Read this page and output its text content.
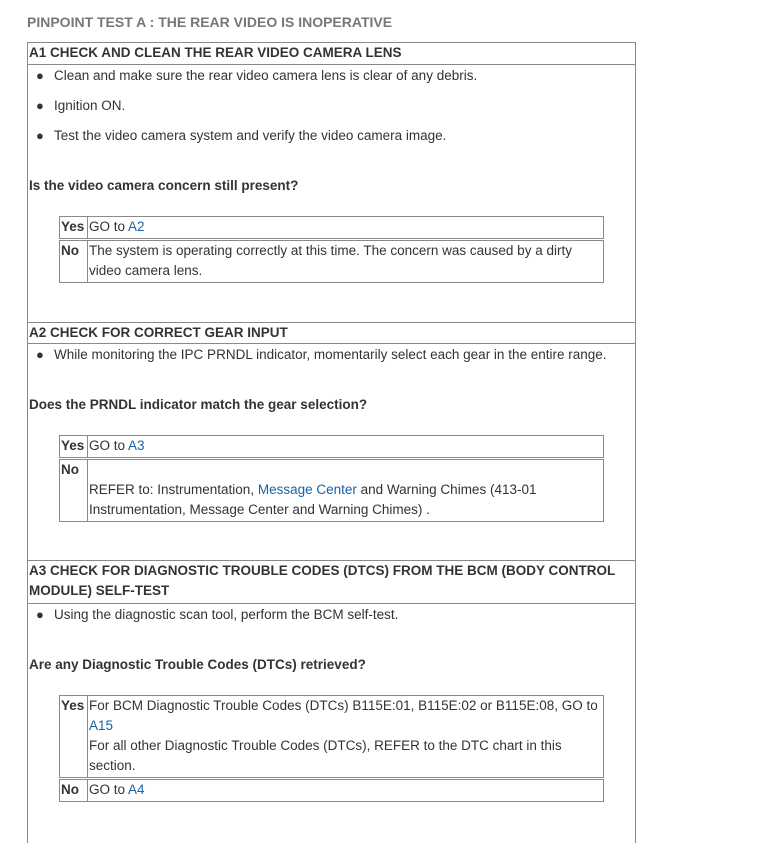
PINPOINT TEST A : THE REAR VIDEO IS INOPERATIVE
A1 CHECK AND CLEAN THE REAR VIDEO CAMERA LENS
● Clean and make sure the rear video camera lens is clear of any debris.
● Ignition ON.
● Test the video camera system and verify the video camera image.
Is the video camera concern still present?
Yes	GO to A2

No	The system is operating correctly at this time. The concern was caused by a dirty video camera lens.
A2 CHECK FOR CORRECT GEAR INPUT
● While monitoring the IPC PRNDL indicator, momentarily select each gear in the entire range.
Does the PRNDL indicator match the gear selection?
Yes	GO to A3

No	REFER to: Instrumentation, Message Center and Warning Chimes (413-01 Instrumentation, Message Center and Warning Chimes) .
A3 CHECK FOR DIAGNOSTIC TROUBLE CODES (DTCS) FROM THE BCM (BODY CONTROL MODULE) SELF-TEST
● Using the diagnostic scan tool, perform the BCM self-test.
Are any Diagnostic Trouble Codes (DTCs) retrieved?
Yes	For BCM Diagnostic Trouble Codes (DTCs) B115E:01, B115E:02 or B115E:08, GO to A15
For all other Diagnostic Trouble Codes (DTCs), REFER to the DTC chart in this section.

No	GO to A4
